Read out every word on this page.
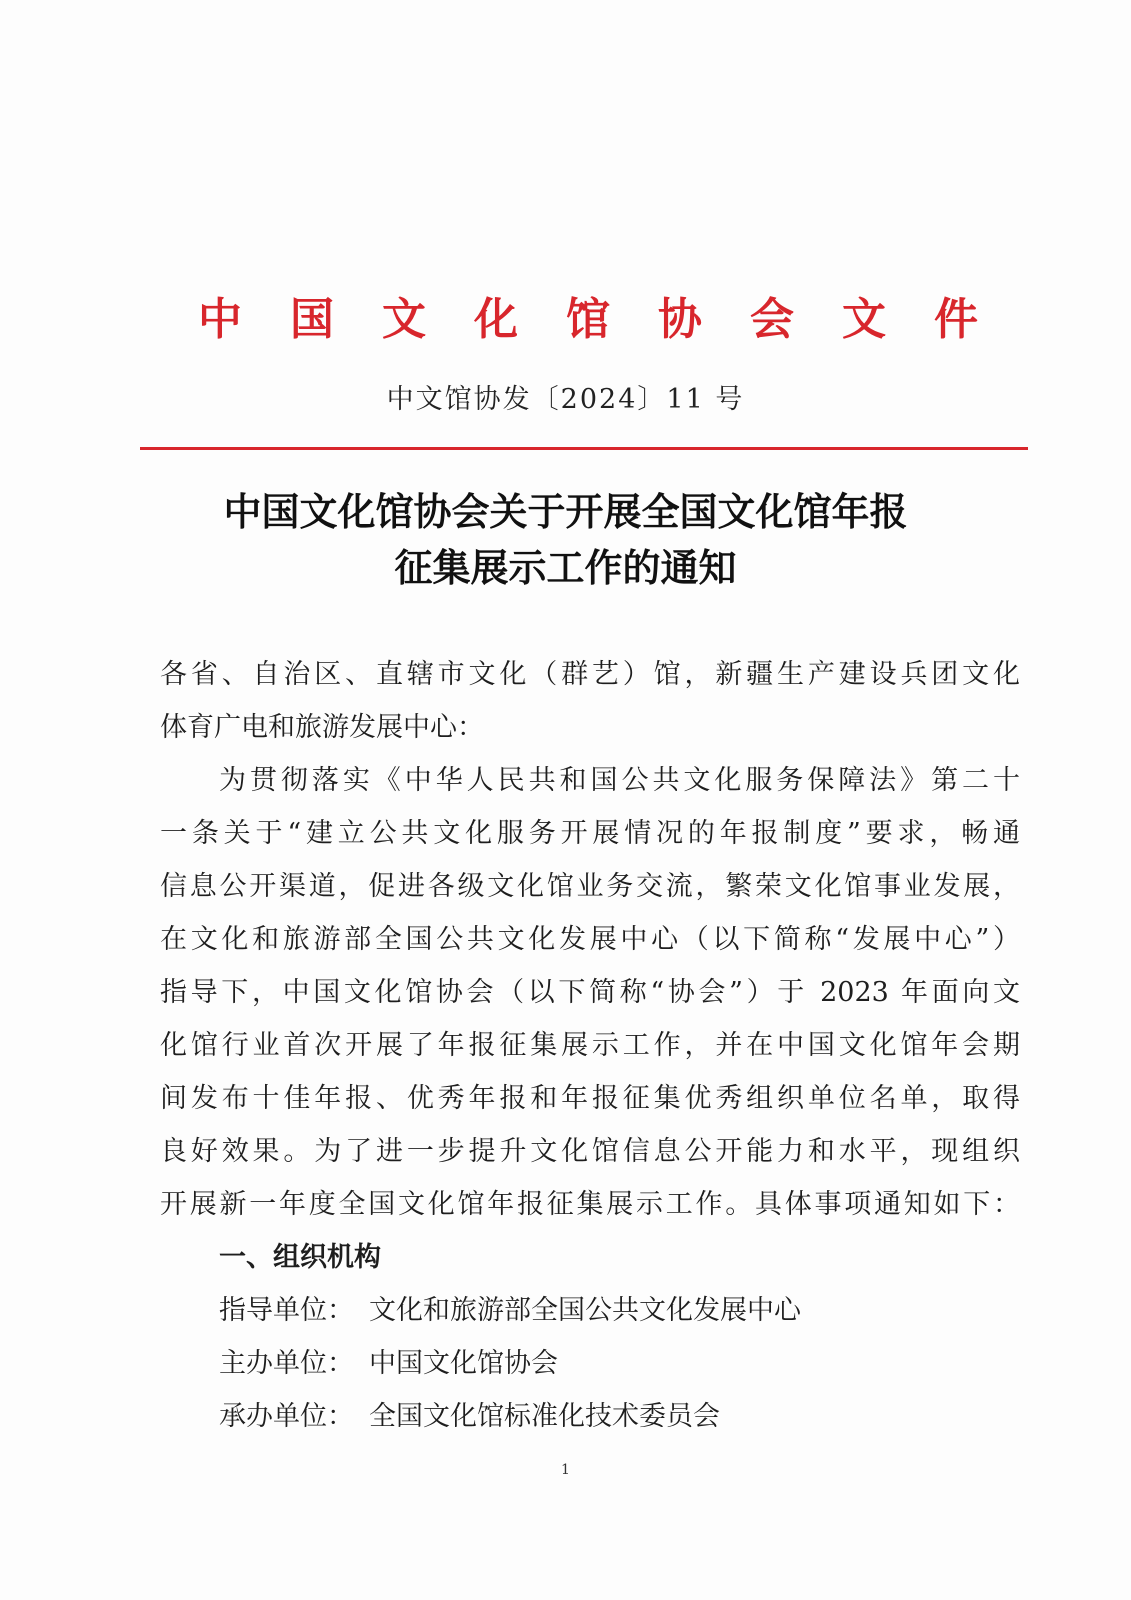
中 国 文 化 馆 协 会 文 件
中文馆协发〔2024〕11 号
中国文化馆协会关于开展全国文化馆年报
征集展示工作的通知

各省、自治区、直辖市文化（群艺）馆，新疆生产建设兵团文化

体育广电和旅游发展中心：

为贯彻落实《中华人民共和国公共文化服务保障法》第二十

一条关于“建立公共文化服务开展情况的年报制度”要求，畅通

信息公开渠道，促进各级文化馆业务交流，繁荣文化馆事业发展，

在文化和旅游部全国公共文化发展中心（以下简称“发展中心”）

指导下，中国文化馆协会（以下简称“协会”）于 2023 年面向文

化馆行业首次开展了年报征集展示工作，并在中国文化馆年会期

间发布十佳年报、优秀年报和年报征集优秀组织单位名单，取得

良好效果。为了进一步提升文化馆信息公开能力和水平，现组织

开展新一年度全国文化馆年报征集展示工作。具体事项通知如下：

一、组织机构
指导单位： 文化和旅游部全国公共文化发展中心
主办单位： 中国文化馆协会
承办单位： 全国文化馆标准化技术委员会
1
